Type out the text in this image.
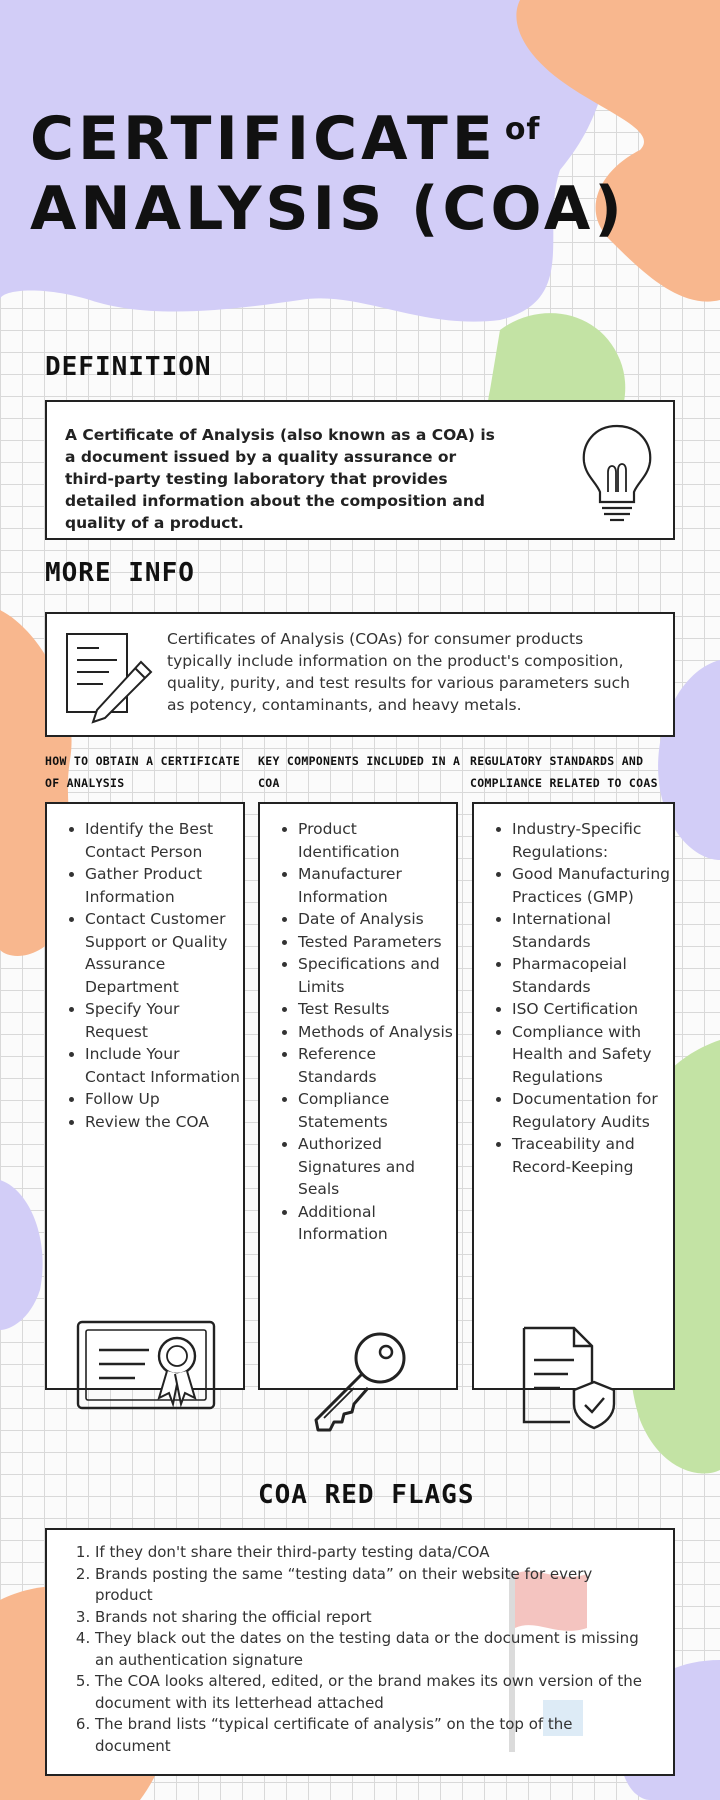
CERTIFICATE $^{of}$
ANALYSIS (COA)
DEFINITION
A Certificate of Analysis (also known as a COA) is a document issued by a quality assurance or third-party testing laboratory that provides detailed information about the composition and quality of a product.
MORE INFO
Certificates of Analysis (COAs) for consumer products typically include information on the product's composition, quality, purity, and test results for various parameters such as potency, contaminants, and heavy metals.
HOW TO OBTAIN A CERTIFICATE OF ANALYSIS
KEY COMPONENTS INCLUDED IN A COA
REGULATORY STANDARDS AND COMPLIANCE RELATED TO COAS
• Identify the Best Contact Person
• Gather Product Information
• Contact Customer Support or Quality Assurance Department
• Specify Your Request
• Include Your Contact Information
• Follow Up
• Review the COA
• Product Identification
• Manufacturer Information
• Date of Analysis
• Tested Parameters
• Specifications and Limits
• Test Results
• Methods of Analysis
• Reference Standards
• Compliance Statements
• Authorized Signatures and Seals
• Additional Information
• Industry-Specific Regulations:
• Good Manufacturing Practices (GMP)
• International Standards
• Pharmacopeial Standards
• ISO Certification
• Compliance with Health and Safety Regulations
• Documentation for Regulatory Audits
• Traceability and Record-Keeping
COA RED FLAGS
1. If they don't share their third-party testing data/COA
2. Brands posting the same “testing data” on their website for every product
3. Brands not sharing the official report
4. They black out the dates on the testing data or the document is missing an authentication signature
5. The COA looks altered, edited, or the brand makes its own version of the document with its letterhead attached
6. The brand lists “typical certificate of analysis” on the top of the document
